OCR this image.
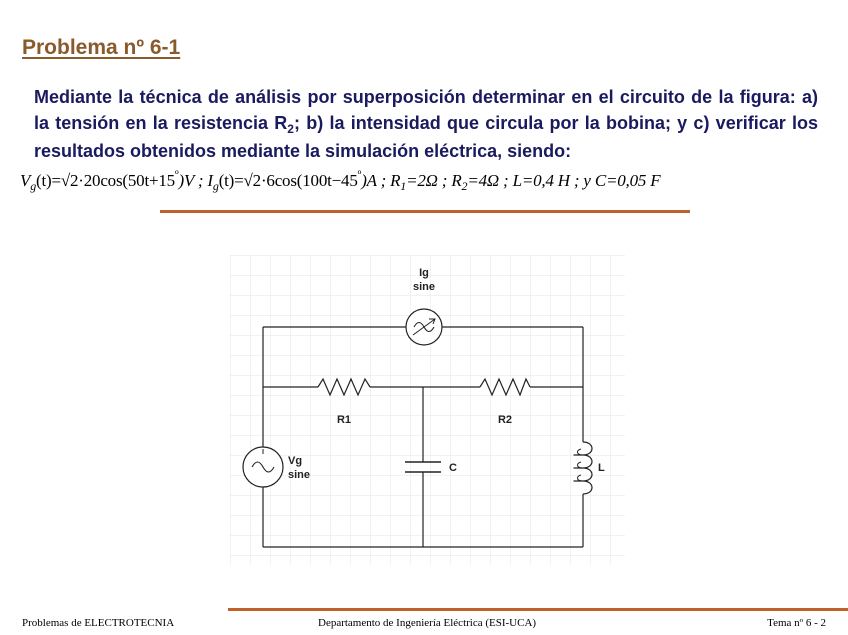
Problema nº 6-1
Mediante la técnica de análisis por superposición determinar en el circuito de la figura: a) la tensión en la resistencia $R_2$; b) la intensidad que circula por la bobina; y c) verificar los resultados obtenidos mediante la simulación eléctrica, siendo:
$V_g(t)=√2\cdot 20\cos(50t+15^º)V$ ; $I_g(t)=√2\cdot 6\cos(100t-45^º)A$ ; $R_1=2\Omega$ ; $R_2=4\Omega$ ; L=0,4 H ; y C=0,05 F
Ig
sine
R1	R2
Vg
sine
C	L
Problemas de ELECTROTECNIA	Departamento de Ingeniería Eléctrica (ESI-UCA)	Tema nº 6 - 2
